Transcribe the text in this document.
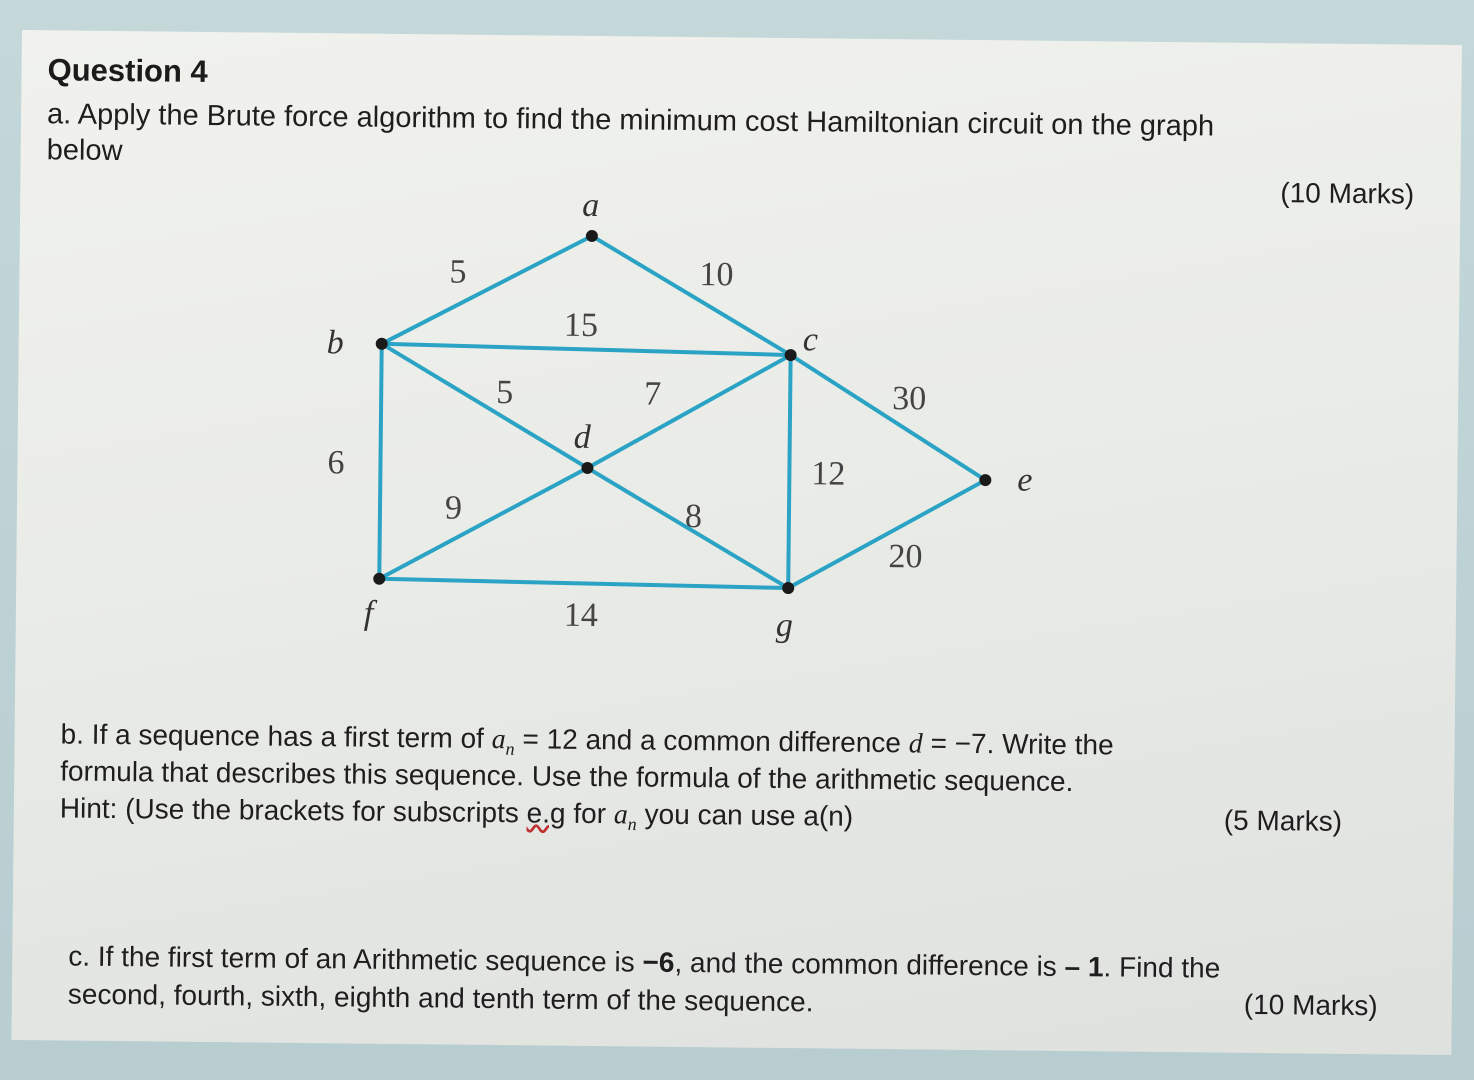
Question 4
a. Apply the Brute force algorithm to find the minimum cost Hamiltonian circuit on the graph
below
(10 Marks)
a
b	c
d
e
f	g
5	10
15
5	7
6
9	8
12
30
20
14
b. If a sequence has a first term of $a_n = 12$ and a common difference d = −7. Write the
formula that describes this sequence. Use the formula of the arithmetic sequence.
Hint: (Use the brackets for subscripts e.g for $a_n$ you can use a(n)	(5 Marks)
c. If the first term of an Arithmetic sequence is −6, and the common difference is – 1. Find the
second, fourth, sixth, eighth and tenth term of the sequence.	(10 Marks)
